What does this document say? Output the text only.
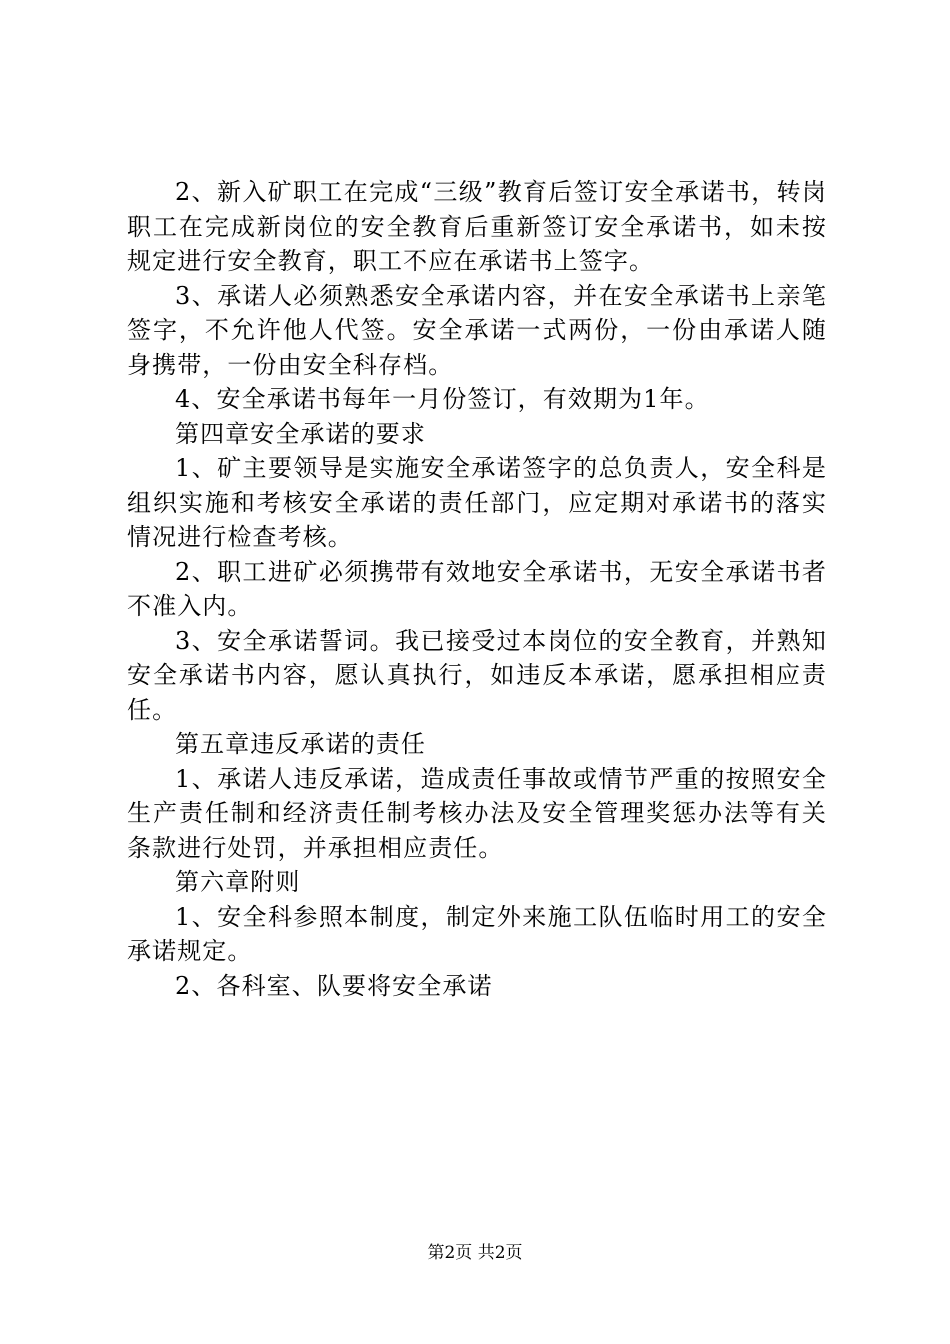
2、新入矿职工在完成“三级”教育后签订安全承诺书，转岗职工在完成新岗位的安全教育后重新签订安全承诺书，如未按规定进行安全教育，职工不应在承诺书上签字。

3、承诺人必须熟悉安全承诺内容，并在安全承诺书上亲笔签字，不允许他人代签。安全承诺一式两份，一份由承诺人随身携带，一份由安全科存档。

4、安全承诺书每年一月份签订，有效期为1年。

第四章安全承诺的要求

1、矿主要领导是实施安全承诺签字的总负责人，安全科是组织实施和考核安全承诺的责任部门，应定期对承诺书的落实情况进行检查考核。

2、职工进矿必须携带有效地安全承诺书，无安全承诺书者不准入内。

3、安全承诺誓词。我已接受过本岗位的安全教育，并熟知安全承诺书内容，愿认真执行，如违反本承诺，愿承担相应责任。

第五章违反承诺的责任

1、承诺人违反承诺，造成责任事故或情节严重的按照安全生产责任制和经济责任制考核办法及安全管理奖惩办法等有关条款进行处罚，并承担相应责任。

第六章附则

1、安全科参照本制度，制定外来施工队伍临时用工的安全承诺规定。

2、各科室、队要将安全承诺

第2页 共2页
